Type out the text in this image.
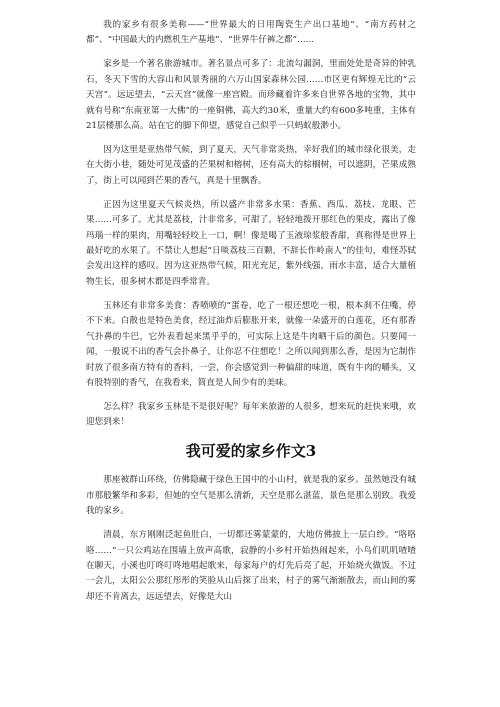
我的家乡有很多美称——“世界最大的日用陶瓷生产出口基地”、“南方药材之都”、“中国最大的内燃机生产基地”、“世界牛仔裤之都”……

家乡是一个著名旅游城市。著名景点可多了：北流勾漏洞，里面处处是奇异的钟乳石，冬天下雪的大容山和风景秀丽的六万山国家森林公园……市区更有辉煌无比的“云天宫”。远远望去，“云天宫”就像一座宫殿。而珍藏着许多来自世界各地的宝物，其中就有号称“东南亚第一大佛”的一座铜佛，高大约30米，重量大约有600多吨重，主体有21层楼那么高。站在它的脚下仰望，感觉自己似乎一只蚂蚁般渺小。

因为这里是亚热带气候，到了夏天，天气非常炎热，幸好我们的城市绿化很美，走在大街小巷，随处可见茂盛的芒果树和榕树，还有高大的棕榈树，可以遮阴，芒果成熟了，街上可以闻到芒果的香气，真是十里飘香。

正因为这里夏天气候炎热，所以盛产非常多水果：香蕉、西瓜、荔枝、龙眼、芒果……可多了。尤其是荔枝，汁非常多，可甜了。轻轻地拨开那红色的果皮，露出了像玛瑙一样的果肉，用嘴轻轻咬上一口，啊！像是喝了玉液琼浆般香甜，真称得是世界上最好吃的水果了。不禁让人想起“日啖荔枝三百颗，不辞长作岭南人”的佳句，难怪苏轼会发出这样的感叹。因为这亚热带气候，阳光充足，紫外线强，雨水丰富，适合大量植物生长，很多树木都是四季常青。

玉林还有非常多美食：香喷喷的“蛋卷，吃了一根还想吃一根，根本刹不住嘴，停不下来。白散也是特色美食，经过油炸后膨胀开来，就像一朵盛开的白莲花，还有那香气扑鼻的牛巴，它外表看起来黑乎乎的，可实际上这是牛肉晒干后的颜色。只要闻一闻，一般说不出的香气会扑鼻子，让你忍不住想吃！之所以闻到那么香，是因为它制作时放了很多南方特有的香料，一尝，你会感觉到一种偏甜的味道，既有牛肉的嚼头，又有股特别的香气，在我看来，简直是人间少有的美味。

怎么样？我家乡玉林是不是很好呢？每年来旅游的人很多，想来玩的赶快来哦，欢迎您到来！

我可爱的家乡作文3

那座被群山环绕，仿佛隐藏于绿色王国中的小山村，就是我的家乡。虽然她没有城市那般繁华和多彩，但她的空气是那么清新，天空是那么湛蓝，景色是那么别致。我爱我的家乡。

清晨，东方刚刚泛起鱼肚白，一切都还雾蒙蒙的，大地仿佛披上一层白纱。“咯咯咯……”一只公鸡站在围墙上放声高歌，寂静的小乡村开始热闹起来，小鸟们叽叽喳喳在聊天，小溪也叮咚叮咚地唱起歌来，每家每户的灯先后亮了起，开始烧火做饭。不过一会儿，太阳公公那红彤彤的笑脸从山后探了出来，村子的雾气渐渐散去，而山间的雾却还不肯离去，远远望去，好像是大山
